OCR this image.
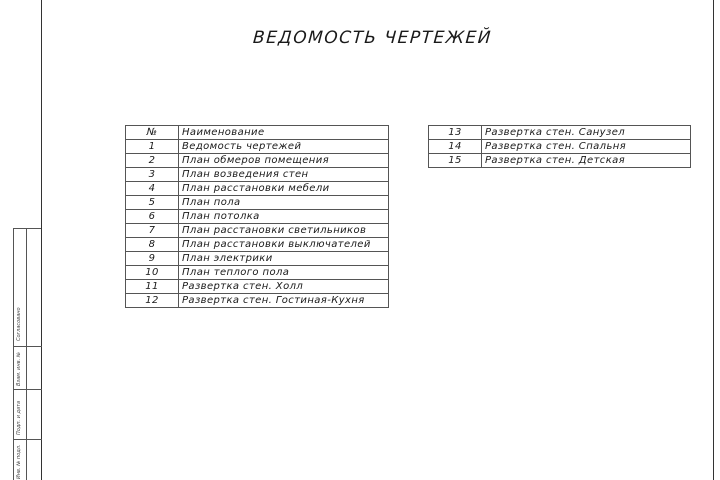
ВЕДОМОСТЬ ЧЕРТЕЖЕЙ
№	Наименование
1	Ведомость чертежей
2	План обмеров помещения
3	План возведения стен
4	План расстановки мебели
5	План пола
6	План потолка
7	План расстановки светильников
8	План расстановки выключателей
9	План электрики
10	План теплого пола
11	Развертка стен. Холл
12	Развертка стен. Гостиная-Кухня
13	Развертка стен. Санузел
14	Развертка стен. Спальня
15	Развертка стен. Детская
Согласовано
Взам. инв. №
Подп. и дата
Инв. № подл.
